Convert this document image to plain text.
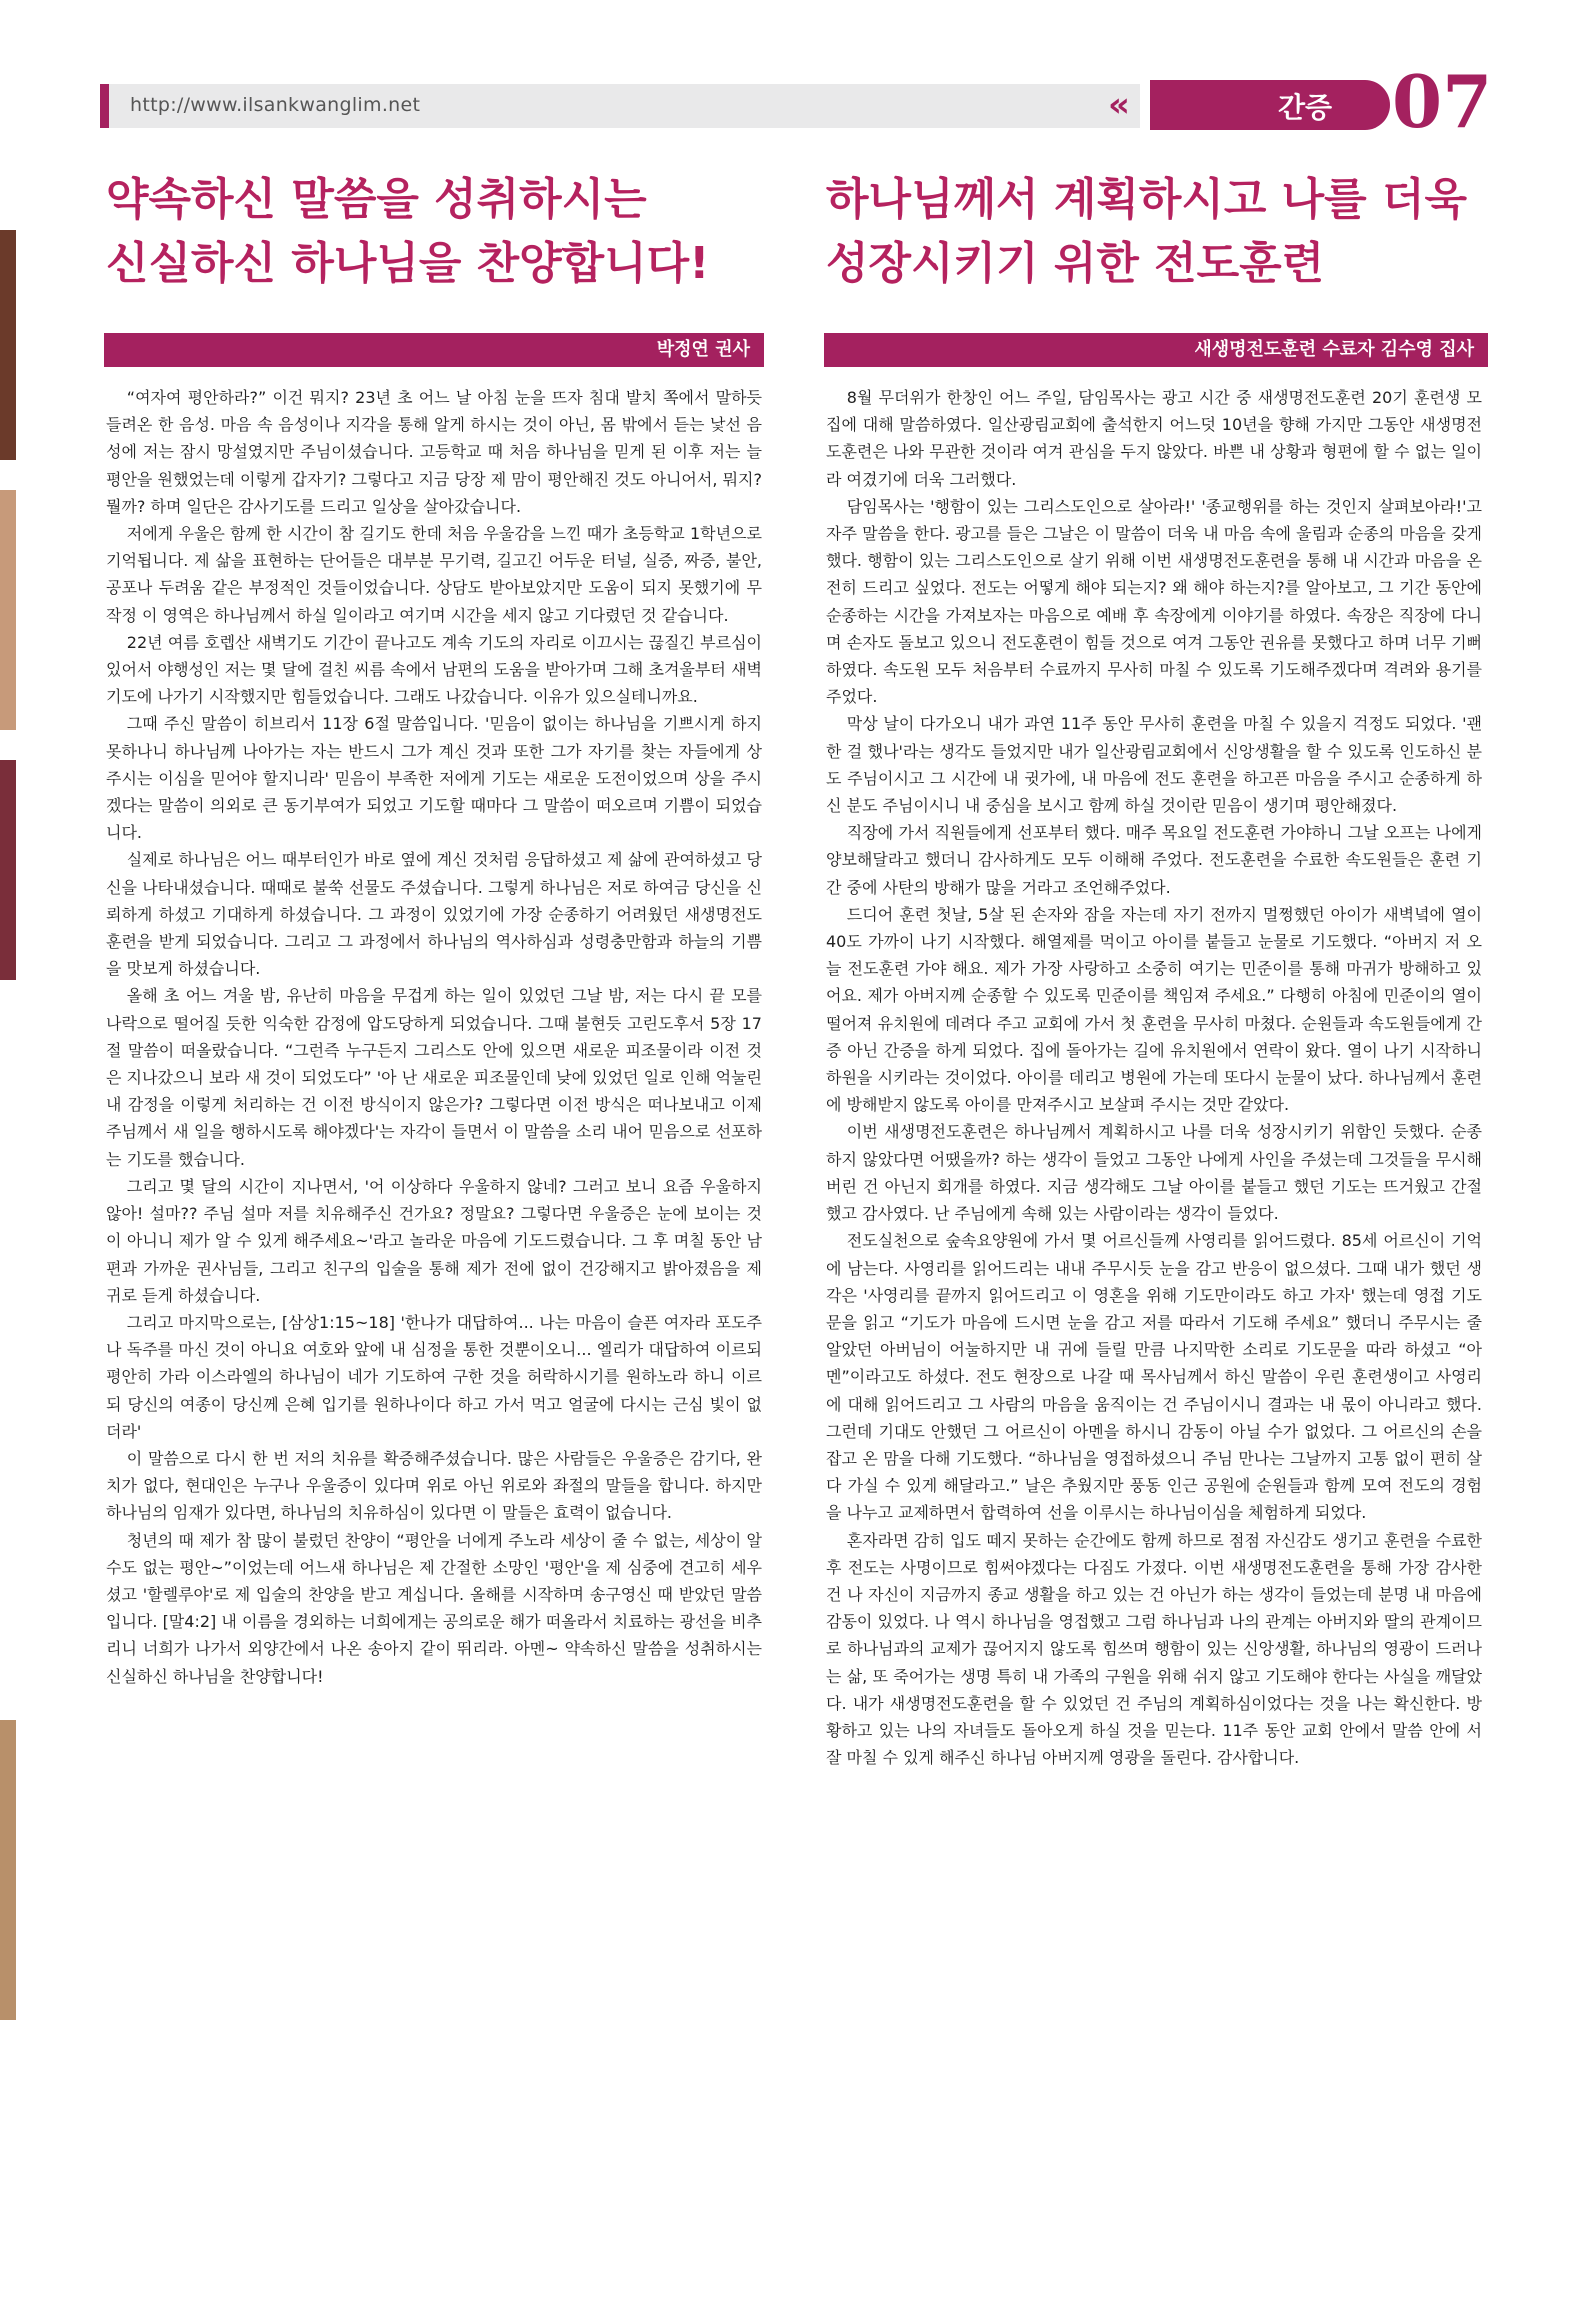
http://www.ilsankwanglim.net	«	간증 07
약속하신 말씀을 성취하시는
신실하신 하나님을 찬양합니다!
박정연 권사

“여자여 평안하라?” 이건 뭐지? 23년 초 어느 날 아침 눈을 뜨자 침대 발치 쪽에서 말하듯 들려온 한 음성. 마음 속 음성이나 지각을 통해 알게 하시는 것이 아닌, 몸 밖에서 듣는 낯선 음성에 저는 잠시 망설였지만 주님이셨습니다. 고등학교 때 처음 하나님을 믿게 된 이후 저는 늘 평안을 원했었는데 이렇게 갑자기? 그렇다고 지금 당장 제 맘이 평안해진 것도 아니어서, 뭐지? 뭘까? 하며 일단은 감사기도를 드리고 일상을 살아갔습니다.

저에게 우울은 함께 한 시간이 참 길기도 한데 처음 우울감을 느낀 때가 초등학교 1학년으로 기억됩니다. 제 삶을 표현하는 단어들은 대부분 무기력, 길고긴 어두운 터널, 실증, 짜증, 불안, 공포나 두려움 같은 부정적인 것들이었습니다. 상담도 받아보았지만 도움이 되지 못했기에 무작정 이 영역은 하나님께서 하실 일이라고 여기며 시간을 세지 않고 기다렸던 것 같습니다.

22년 여름 호렙산 새벽기도 기간이 끝나고도 계속 기도의 자리로 이끄시는 끊질긴 부르심이 있어서 야행성인 저는 몇 달에 걸친 씨름 속에서 남편의 도움을 받아가며 그해 초겨울부터 새벽기도에 나가기 시작했지만 힘들었습니다. 그래도 나갔습니다. 이유가 있으실테니까요.

그때 주신 말씀이 히브리서 11장 6절 말씀입니다. '믿음이 없이는 하나님을 기쁘시게 하지 못하나니 하나님께 나아가는 자는 반드시 그가 계신 것과 또한 그가 자기를 찾는 자들에게 상 주시는 이심을 믿어야 할지니라' 믿음이 부족한 저에게 기도는 새로운 도전이었으며 상을 주시겠다는 말씀이 의외로 큰 동기부여가 되었고 기도할 때마다 그 말씀이 떠오르며 기쁨이 되었습니다.

실제로 하나님은 어느 때부터인가 바로 옆에 계신 것처럼 응답하셨고 제 삶에 관여하셨고 당신을 나타내셨습니다. 때때로 불쑥 선물도 주셨습니다. 그렇게 하나님은 저로 하여금 당신을 신뢰하게 하셨고 기대하게 하셨습니다. 그 과정이 있었기에 가장 순종하기 어려웠던 새생명전도훈련을 받게 되었습니다. 그리고 그 과정에서 하나님의 역사하심과 성령충만함과 하늘의 기쁨을 맛보게 하셨습니다.

올해 초 어느 겨울 밤, 유난히 마음을 무겁게 하는 일이 있었던 그날 밤, 저는 다시 끝 모를 나락으로 떨어질 듯한 익숙한 감정에 압도당하게 되었습니다. 그때 불현듯 고린도후서 5장 17절 말씀이 떠올랐습니다. “그런즉 누구든지 그리스도 안에 있으면 새로운 피조물이라 이전 것은 지나갔으니 보라 새 것이 되었도다” '아 난 새로운 피조물인데 낮에 있었던 일로 인해 억눌린 내 감정을 이렇게 처리하는 건 이전 방식이지 않은가? 그렇다면 이전 방식은 떠나보내고 이제 주님께서 새 일을 행하시도록 해야겠다'는 자각이 들면서 이 말씀을 소리 내어 믿음으로 선포하는 기도를 했습니다.

그리고 몇 달의 시간이 지나면서, '어 이상하다 우울하지 않네? 그러고 보니 요즘 우울하지 않아! 설마?? 주님 설마 저를 치유해주신 건가요? 정말요? 그렇다면 우울증은 눈에 보이는 것이 아니니 제가 알 수 있게 해주세요~'라고 놀라운 마음에 기도드렸습니다. 그 후 며칠 동안 남편과 가까운 권사님들, 그리고 친구의 입술을 통해 제가 전에 없이 건강해지고 밝아졌음을 제 귀로 듣게 하셨습니다.

그리고 마지막으로는, [삼상1:15~18] '한나가 대답하여... 나는 마음이 슬픈 여자라 포도주나 독주를 마신 것이 아니요 여호와 앞에 내 심정을 통한 것뿐이오니... 엘리가 대답하여 이르되 평안히 가라 이스라엘의 하나님이 네가 기도하여 구한 것을 허락하시기를 원하노라 하니 이르되 당신의 여종이 당신께 은혜 입기를 원하나이다 하고 가서 먹고 얼굴에 다시는 근심 빛이 없더라'

이 말씀으로 다시 한 번 저의 치유를 확증해주셨습니다. 많은 사람들은 우울증은 감기다, 완치가 없다, 현대인은 누구나 우울증이 있다며 위로 아닌 위로와 좌절의 말들을 합니다. 하지만 하나님의 임재가 있다면, 하나님의 치유하심이 있다면 이 말들은 효력이 없습니다.

청년의 때 제가 참 많이 불렀던 찬양이 “평안을 너에게 주노라 세상이 줄 수 없는, 세상이 알 수도 없는 평안~”이었는데 어느새 하나님은 제 간절한 소망인 '평안'을 제 심중에 견고히 세우셨고 '할렐루야'로 제 입술의 찬양을 받고 계십니다. 올해를 시작하며 송구영신 때 받았던 말씀입니다. [말4:2] 내 이름을 경외하는 너희에게는 공의로운 해가 떠올라서 치료하는 광선을 비추리니 너희가 나가서 외양간에서 나온 송아지 같이 뛰리라. 아멘~ 약속하신 말씀을 성취하시는 신실하신 하나님을 찬양합니다!

하나님께서 계획하시고 나를 더욱
성장시키기 위한 전도훈련
새생명전도훈련 수료자 김수영 집사

8월 무더위가 한창인 어느 주일, 담임목사는 광고 시간 중 새생명전도훈련 20기 훈련생 모집에 대해 말씀하였다. 일산광림교회에 출석한지 어느덧 10년을 향해 가지만 그동안 새생명전도훈련은 나와 무관한 것이라 여겨 관심을 두지 않았다. 바쁜 내 상황과 형편에 할 수 없는 일이라 여겼기에 더욱 그러했다.

담임목사는 '행함이 있는 그리스도인으로 살아라!' '종교행위를 하는 것인지 살펴보아라!'고 자주 말씀을 한다. 광고를 들은 그날은 이 말씀이 더욱 내 마음 속에 울림과 순종의 마음을 갖게 했다. 행함이 있는 그리스도인으로 살기 위해 이번 새생명전도훈련을 통해 내 시간과 마음을 온전히 드리고 싶었다. 전도는 어떻게 해야 되는지? 왜 해야 하는지?를 알아보고, 그 기간 동안에 순종하는 시간을 가져보자는 마음으로 예배 후 속장에게 이야기를 하였다. 속장은 직장에 다니며 손자도 돌보고 있으니 전도훈련이 힘들 것으로 여겨 그동안 권유를 못했다고 하며 너무 기뻐하였다. 속도원 모두 처음부터 수료까지 무사히 마칠 수 있도록 기도해주겠다며 격려와 용기를 주었다.

막상 날이 다가오니 내가 과연 11주 동안 무사히 훈련을 마칠 수 있을지 걱정도 되었다. '괜한 걸 했나'라는 생각도 들었지만 내가 일산광림교회에서 신앙생활을 할 수 있도록 인도하신 분도 주님이시고 그 시간에 내 귓가에, 내 마음에 전도 훈련을 하고픈 마음을 주시고 순종하게 하신 분도 주님이시니 내 중심을 보시고 함께 하실 것이란 믿음이 생기며 평안해졌다.

직장에 가서 직원들에게 선포부터 했다. 매주 목요일 전도훈련 가야하니 그날 오프는 나에게 양보해달라고 했더니 감사하게도 모두 이해해 주었다. 전도훈련을 수료한 속도원들은 훈련 기간 중에 사탄의 방해가 많을 거라고 조언해주었다.

드디어 훈련 첫날, 5살 된 손자와 잠을 자는데 자기 전까지 멀쩡했던 아이가 새벽녘에 열이 40도 가까이 나기 시작했다. 해열제를 먹이고 아이를 붙들고 눈물로 기도했다. “아버지 저 오늘 전도훈련 가야 해요. 제가 가장 사랑하고 소중히 여기는 민준이를 통해 마귀가 방해하고 있어요. 제가 아버지께 순종할 수 있도록 민준이를 책임져 주세요.” 다행히 아침에 민준이의 열이 떨어져 유치원에 데려다 주고 교회에 가서 첫 훈련을 무사히 마쳤다. 순원들과 속도원들에게 간증 아닌 간증을 하게 되었다. 집에 돌아가는 길에 유치원에서 연락이 왔다. 열이 나기 시작하니 하원을 시키라는 것이었다. 아이를 데리고 병원에 가는데 또다시 눈물이 났다. 하나님께서 훈련에 방해받지 않도록 아이를 만져주시고 보살펴 주시는 것만 같았다.

이번 새생명전도훈련은 하나님께서 계획하시고 나를 더욱 성장시키기 위함인 듯했다. 순종하지 않았다면 어땠을까? 하는 생각이 들었고 그동안 나에게 사인을 주셨는데 그것들을 무시해 버린 건 아닌지 회개를 하였다. 지금 생각해도 그날 아이를 붙들고 했던 기도는 뜨거웠고 간절했고 감사였다. 난 주님에게 속해 있는 사람이라는 생각이 들었다.

전도실천으로 숲속요양원에 가서 몇 어르신들께 사영리를 읽어드렸다. 85세 어르신이 기억에 남는다. 사영리를 읽어드리는 내내 주무시듯 눈을 감고 반응이 없으셨다. 그때 내가 했던 생각은 '사영리를 끝까지 읽어드리고 이 영혼을 위해 기도만이라도 하고 가자' 했는데 영접 기도문을 읽고 “기도가 마음에 드시면 눈을 감고 저를 따라서 기도해 주세요” 했더니 주무시는 줄 알았던 아버님이 어눌하지만 내 귀에 들릴 만큼 나지막한 소리로 기도문을 따라 하셨고 “아멘”이라고도 하셨다. 전도 현장으로 나갈 때 목사님께서 하신 말씀이 우린 훈련생이고 사영리에 대해 읽어드리고 그 사람의 마음을 움직이는 건 주님이시니 결과는 내 몫이 아니라고 했다. 그런데 기대도 안했던 그 어르신이 아멘을 하시니 감동이 아닐 수가 없었다. 그 어르신의 손을 잡고 온 맘을 다해 기도했다. “하나님을 영접하셨으니 주님 만나는 그날까지 고통 없이 편히 살다 가실 수 있게 해달라고.” 날은 추웠지만 풍동 인근 공원에 순원들과 함께 모여 전도의 경험을 나누고 교제하면서 합력하여 선을 이루시는 하나님이심을 체험하게 되었다.

혼자라면 감히 입도 떼지 못하는 순간에도 함께 하므로 점점 자신감도 생기고 훈련을 수료한 후 전도는 사명이므로 힘써야겠다는 다짐도 가졌다. 이번 새생명전도훈련을 통해 가장 감사한건 나 자신이 지금까지 종교 생활을 하고 있는 건 아닌가 하는 생각이 들었는데 분명 내 마음에 감동이 있었다. 나 역시 하나님을 영접했고 그럼 하나님과 나의 관계는 아버지와 딸의 관계이므로 하나님과의 교제가 끊어지지 않도록 힘쓰며 행함이 있는 신앙생활, 하나님의 영광이 드러나는 삶, 또 죽어가는 생명 특히 내 가족의 구원을 위해 쉬지 않고 기도해야 한다는 사실을 깨달았다. 내가 새생명전도훈련을 할 수 있었던 건 주님의 계획하심이었다는 것을 나는 확신한다. 방황하고 있는 나의 자녀들도 돌아오게 하실 것을 믿는다. 11주 동안 교회 안에서 말씀 안에 서 잘 마칠 수 있게 해주신 하나님 아버지께 영광을 돌린다. 감사합니다.
